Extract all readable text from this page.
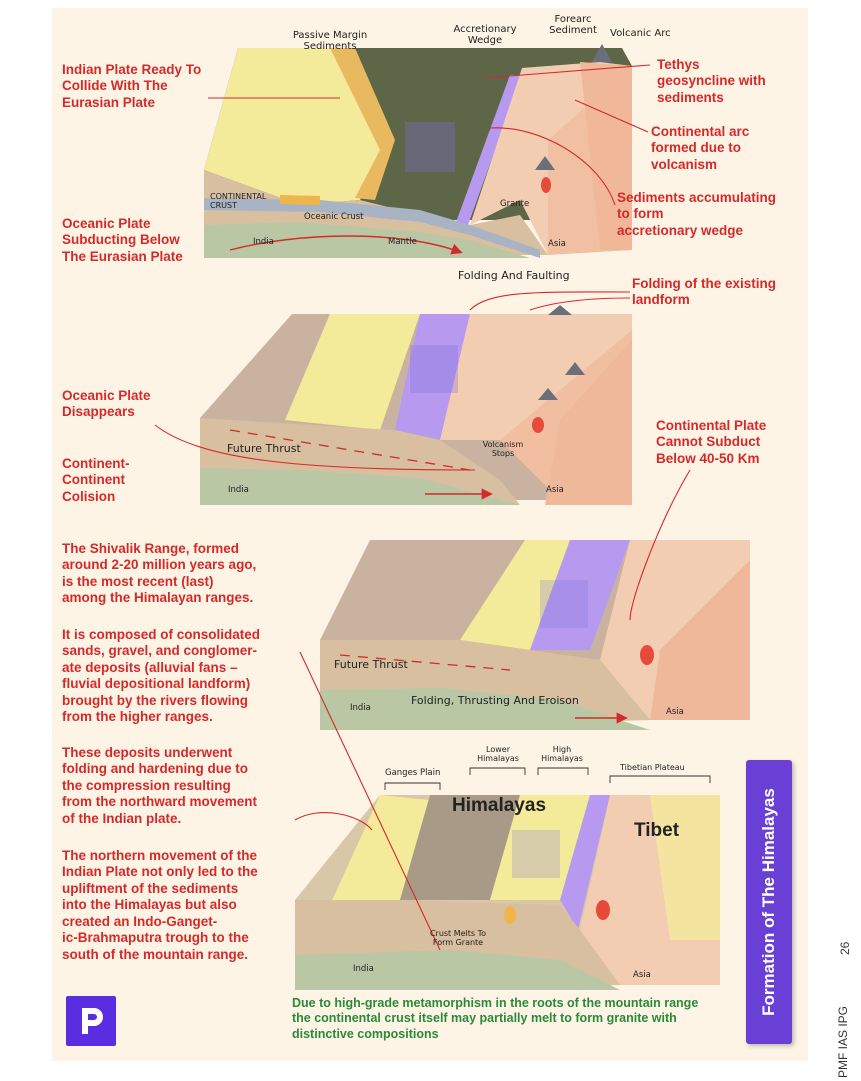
Passive Margin
Sediments
Accretionary
Wedge
Forearc
Sediment	Volcanic Arc
CONTINENTAL
CRUST
Oceanic Crust
Grante
India	Mantle	Asia
Indian Plate Ready To
Collide With The
Eurasian Plate
Oceanic Plate
Subducting Below
The Eurasian Plate
Tethys
geosyncline with
sediments
Continental arc
formed due to
volcanism
Sediments accumulating
to form
accretionary wedge
Folding And Faulting
Folding of the existing
landform
Future Thrust	Volcanism
Stops
India	Asia
Oceanic Plate
Disappears
Continent-
Continent
Colision
Continental Plate
Cannot Subduct
Below 40-50 Km
Future Thrust
Folding, Thrusting And Eroison
India	Asia
Lower
Himalayas
High
Himalayas
Ganges Plain
Tibetian Plateau
Himalayas
Tibet
Crust Melts To
Form Grante
India
Asia
The Shivalik Range, formed
around 2-20 million years ago,
is the most recent (last)
among the Himalayan ranges.
It is composed of consolidated
sands, gravel, and conglomer-
ate deposits (alluvial fans –
fluvial depositional landform)
brought by the rivers flowing
from the higher ranges.
These deposits underwent
folding and hardening due to
the compression resulting
from the northward movement
of the Indian plate.
The northern movement of the
Indian Plate not only led to the
upliftment of the sediments
into the Himalayas but also
created an Indo-Ganget-
ic-Brahmaputra trough to the
south of the mountain range.
Due to high-grade metamorphism in the roots of the mountain range the continental crust itself may partially melt to form granite with distinctive compositions
Formation of The Himalayas	26
PMF IAS IPG
